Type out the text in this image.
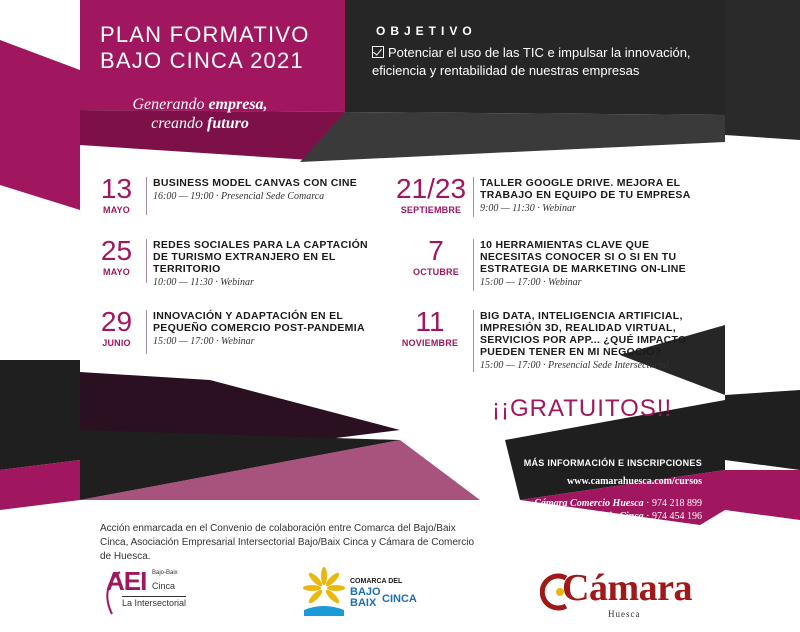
PLAN FORMATIVO
BAJO CINCA 2021
Generando empresa,
creando futuro
OBJETIVO
Potenciar el uso de las TIC e impulsar la innovación, eficiencia y rentabilidad de nuestras empresas
13
MAYO
BUSINESS MODEL CANVAS CON CINE
16:00 — 19:00 · Presencial Sede Comarca
25
MAYO
REDES SOCIALES PARA LA CAPTACIÓN DE TURISMO EXTRANJERO EN EL TERRITORIO
10:00 — 11:30 · Webinar
29
JUNIO
INNOVACIÓN Y ADAPTACIÓN EN EL PEQUEÑO COMERCIO POST-PANDEMIA
15:00 — 17:00 · Webinar
21/23
SEPTIEMBRE
TALLER GOOGLE DRIVE. MEJORA EL TRABAJO EN EQUIPO DE TU EMPRESA
9:00 — 11:30 · Webinar
7
OCTUBRE
10 HERRAMIENTAS CLAVE QUE NECESITAS CONOCER SI O SI EN TU ESTRATEGIA DE MARKETING ON-LINE
15:00 — 17:00 · Webinar
11
NOVIEMBRE
BIG DATA, INTELIGENCIA ARTIFICIAL, IMPRESIÓN 3D, REALIDAD VIRTUAL, SERVICIOS POR APP... ¿QUÉ IMPACTO PUEDEN TENER EN MI NEGOCIO?
15:00 — 17:00 · Presencial Sede Intersectorial
¡¡GRATUITOS!!
MÁS INFORMACIÓN E INSCRIPCIONES
www.camarahuesca.com/cursos
Cámara Comercio Huesca · 974 218 899
Comarca Bajo /Baix Cinca · 974 454 196
La Intersectorial · 974 473 565
Acción enmarcada en el Convenio de colaboración entre Comarca del Bajo/Baix Cinca, Asociación Empresarial Intersectorial Bajo/Baix Cinca y Cámara de Comercio de Huesca.
AEI Bajo-Baix
Cinca
La Intersectorial
COMARCA DEL
BAJO
BAIX CINCA	Cámara
Huesca
